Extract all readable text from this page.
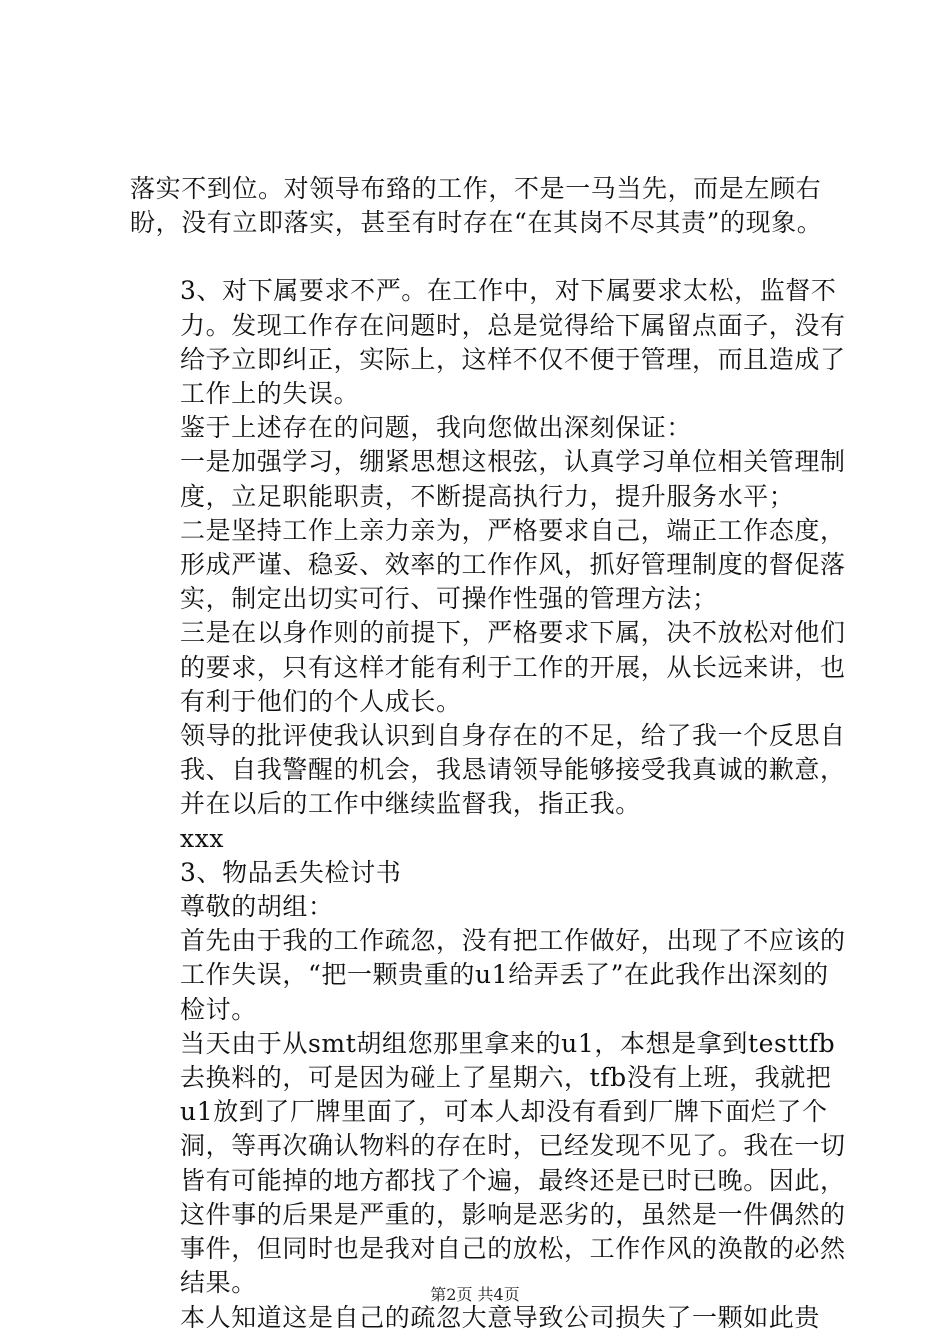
落实不到位。对领导布臵的工作，不是一马当先，而是左顾右盼，没有立即落实，甚至有时存在“在其岗不尽其责”的现象。

3、对下属要求不严。在工作中，对下属要求太松，监督不力。发现工作存在问题时，总是觉得给下属留点面子，没有给予立即纠正，实际上，这样不仅不便于管理，而且造成了工作上的失误。

鉴于上述存在的问题，我向您做出深刻保证：

一是加强学习，绷紧思想这根弦，认真学习单位相关管理制度，立足职能职责，不断提高执行力，提升服务水平；

二是坚持工作上亲力亲为，严格要求自己，端正工作态度，形成严谨、稳妥、效率的工作作风，抓好管理制度的督促落实，制定出切实可行、可操作性强的管理方法；

三是在以身作则的前提下，严格要求下属，决不放松对他们的要求，只有这样才能有利于工作的开展，从长远来讲，也有利于他们的个人成长。

领导的批评使我认识到自身存在的不足，给了我一个反思自我、自我警醒的机会，我恳请领导能够接受我真诚的歉意，并在以后的工作中继续监督我，指正我。

xxx

3、物品丢失检讨书

尊敬的胡组：

首先由于我的工作疏忽，没有把工作做好，出现了不应该的工作失误，“把一颗贵重的u1给弄丢了”在此我作出深刻的检讨。

当天由于从smt胡组您那里拿来的u1，本想是拿到testtfb去换料的，可是因为碰上了星期六，tfb没有上班，我就把u1放到了厂牌里面了，可本人却没有看到厂牌下面烂了个洞，等再次确认物料的存在时，已经发现不见了。我在一切皆有可能掉的地方都找了个遍，最终还是已时已晚。因此，这件事的后果是严重的，影响是恶劣的，虽然是一件偶然的事件，但同时也是我对自己的放松，工作作风的涣散的必然结果。

本人知道这是自己的疏忽大意导致公司损失了一颗如此贵

第2页 共4页
